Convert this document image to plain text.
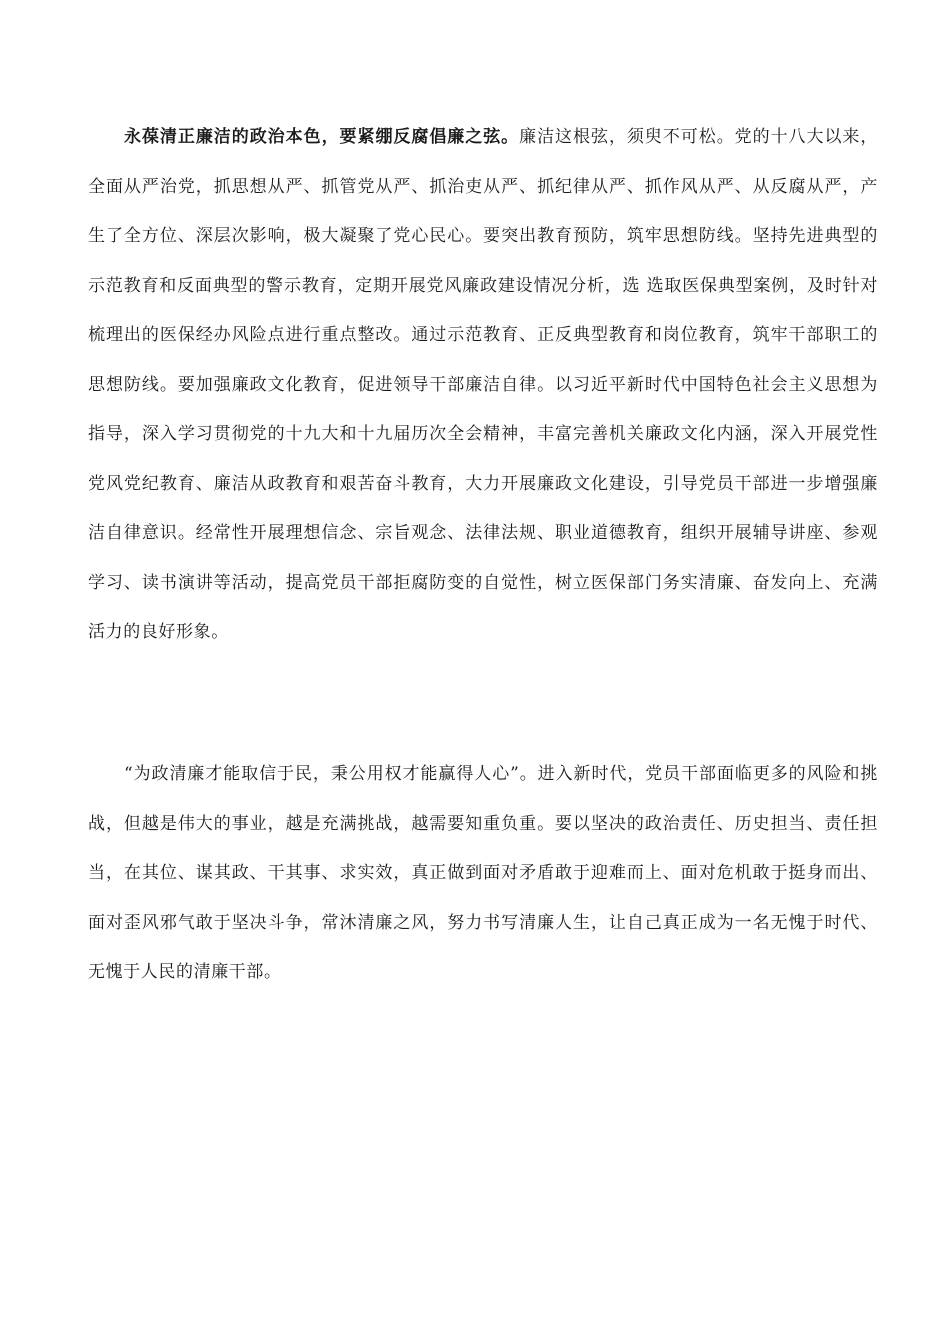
永葆清正廉洁的政治本色，要紧绷反腐倡廉之弦。廉洁这根弦，须臾不可松。党的十八大以来，全面从严治党，抓思想从严、抓管党从严、抓治吏从严、抓纪律从严、抓作风从严、从反腐从严，产生了全方位、深层次影响，极大凝聚了党心民心。要突出教育预防，筑牢思想防线。坚持先进典型的示范教育和反面典型的警示教育，定期开展党风廉政建设情况分析，选 选取医保典型案例，及时针对梳理出的医保经办风险点进行重点整改。通过示范教育、正反典型教育和岗位教育，筑牢干部职工的思想防线。要加强廉政文化教育，促进领导干部廉洁自律。以习近平新时代中国特色社会主义思想为指导，深入学习贯彻党的十九大和十九届历次全会精神，丰富完善机关廉政文化内涵，深入开展党性党风党纪教育、廉洁从政教育和艰苦奋斗教育，大力开展廉政文化建设，引导党员干部进一步增强廉洁自律意识。经常性开展理想信念、宗旨观念、法律法规、职业道德教育，组织开展辅导讲座、参观学习、读书演讲等活动，提高党员干部拒腐防变的自觉性，树立医保部门务实清廉、奋发向上、充满活力的良好形象。

“为政清廉才能取信于民，秉公用权才能赢得人心”。进入新时代，党员干部面临更多的风险和挑战，但越是伟大的事业，越是充满挑战，越需要知重负重。要以坚决的政治责任、历史担当、责任担当，在其位、谋其政、干其事、求实效，真正做到面对矛盾敢于迎难而上、面对危机敢于挺身而出、面对歪风邪气敢于坚决斗争，常沐清廉之风，努力书写清廉人生，让自己真正成为一名无愧于时代、无愧于人民的清廉干部。
